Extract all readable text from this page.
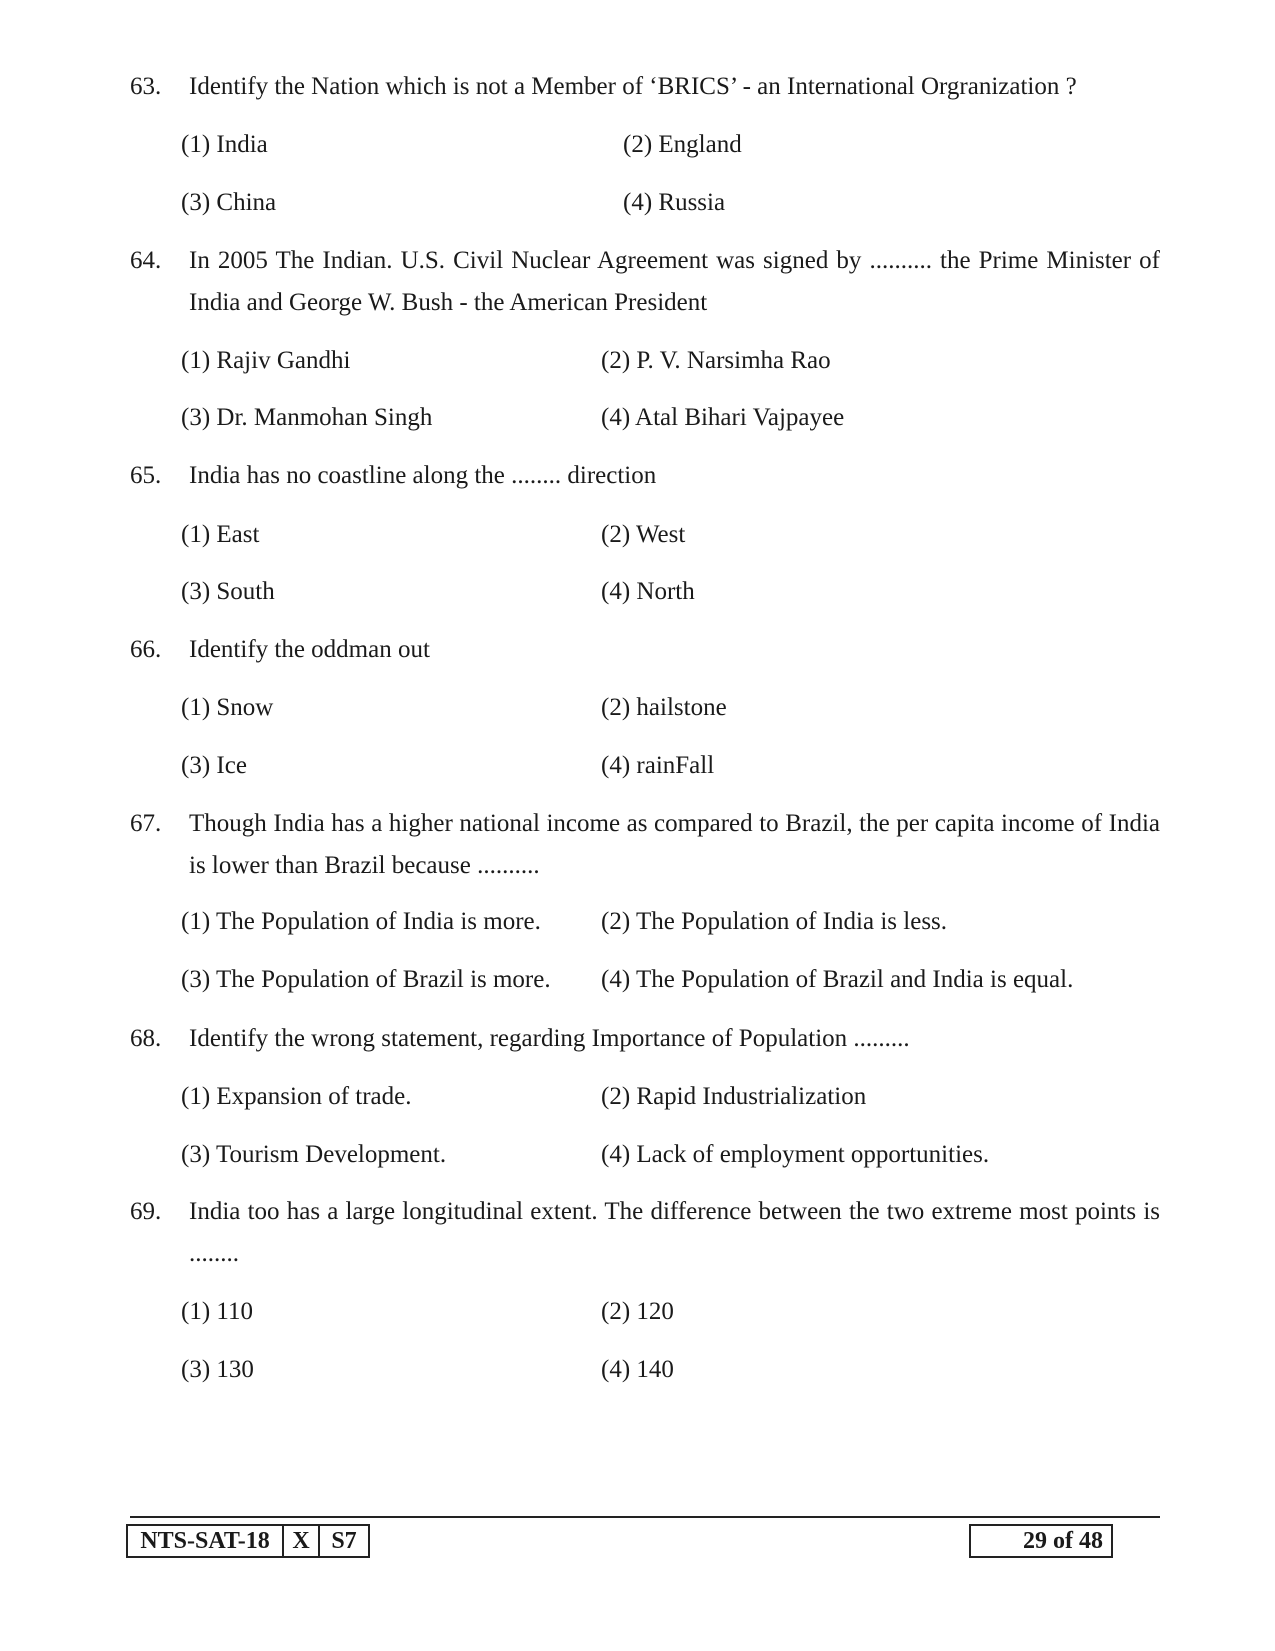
63. Identify the Nation which is not a Member of ‘BRICS’ - an International Orgranization ?
(1) India	(2) England
(3) China	(4) Russia
64. In 2005 The Indian. U.S. Civil Nuclear Agreement was signed by .......... the Prime Minister of India and George W. Bush - the American President
(1) Rajiv Gandhi	(2) P. V. Narsimha Rao
(3) Dr. Manmohan Singh	(4) Atal Bihari Vajpayee
65. India has no coastline along the ........ direction
(1) East	(2) West
(3) South	(4) North
66. Identify the oddman out
(1) Snow	(2) hailstone
(3) Ice	(4) rainFall
67. Though India has a higher national income as compared to Brazil, the per capita income of India is lower than Brazil because ..........
(1) The Population of India is more. (2) The Population of India is less.
(3) The Population of Brazil is more. (4) The Population of Brazil and India is equal.
68. Identify the wrong statement, regarding Importance of Population .........
(1) Expansion of trade.	(2) Rapid Industrialization
(3) Tourism Development.	(4) Lack of employment opportunities.
69. India too has a large longitudinal extent. The difference between the two extreme most points is ........
(1) 110	(2) 120
(3) 130	(4) 140
NTS-SAT-18 X S7	29 of 48
